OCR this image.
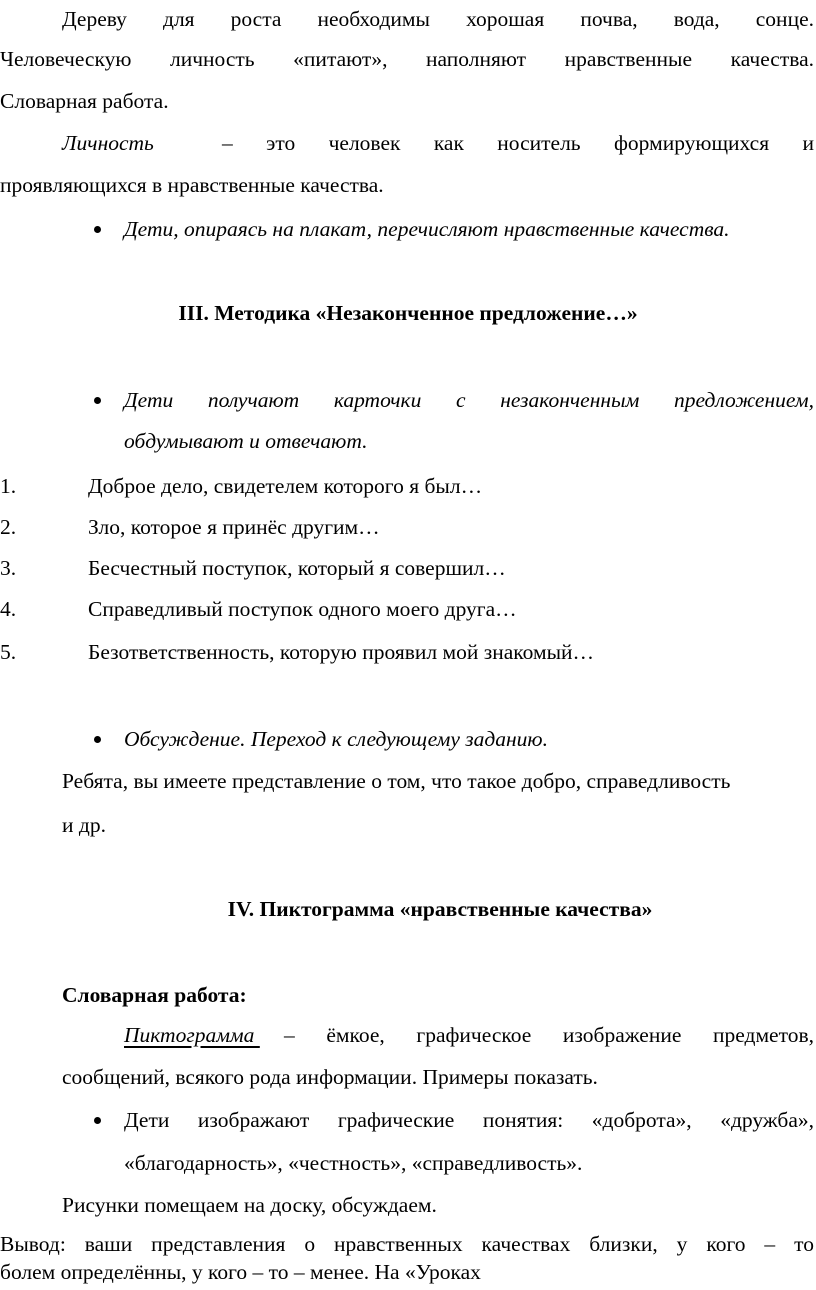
Дереву для роста необходимы хорошая почва, вода, сонце.
Человеческую личность «питают», наполняют нравственные качества.
Словарная работа.
Личность	– это человек как носитель формирующихся и
проявляющихся в нравственные качества.
Дети, опираясь на плакат, перечисляют нравственные качества.
III. Методика «Незаконченное предложение…»
Дети получают карточки с незаконченным предложением,
обдумывают и отвечают.
1.	Доброе дело, свидетелем которого я был…
2.	Зло, которое я принёс другим…
3.	Бесчестный поступок, который я совершил…
4.	Справедливый поступок одного моего друга…
5.	Безответственность, которую проявил мой знакомый…
Обсуждение. Переход к следующему заданию.
Ребята, вы имеете представление о том, что такое добро, справедливость
и др.
IV. Пиктограмма «нравственные качества»
Словарная работа:
Пиктограмма – ёмкое, графическое изображение предметов,
сообщений, всякого рода информации. Примеры показать.
Дети изображают графические понятия: «доброта», «дружба»,
«благодарность», «честность», «справедливость».
Рисунки помещаем на доску, обсуждаем.
Вывод: ваши представления о нравственных качествах близки, у кого – то
болем определённы, у кого – то – менее. На «Уроках
